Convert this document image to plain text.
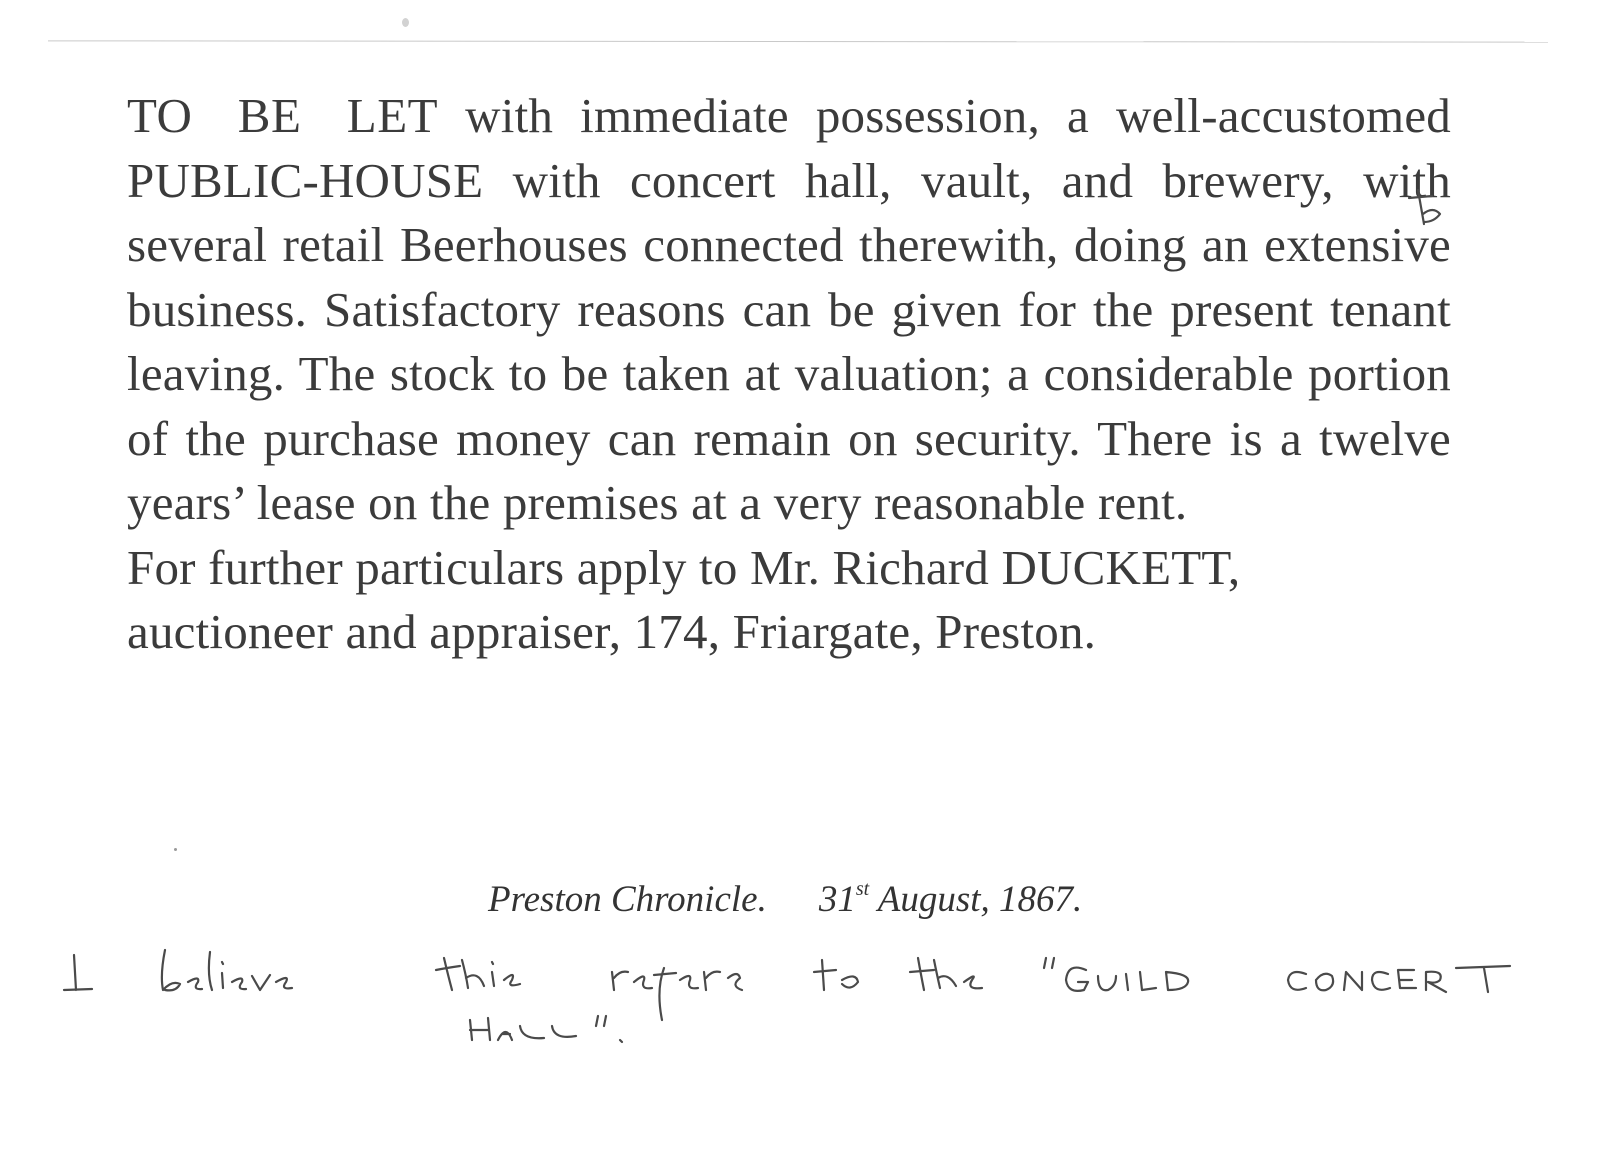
TO BE LET with immediate possession, a well-accustomed PUBLIC-HOUSE with concert hall, vault, and brewery, with several retail Beerhouses connected therewith, doing an extensive business. Satisfactory reasons can be given for the present tenant leaving. The stock to be taken at valuation; a considerable portion of the purchase money can remain on security. There is a twelve years’ lease on the premises at a very reasonable rent.

For further particulars apply to Mr. Richard DUCKETT, auctioneer and appraiser, 174, Friargate, Preston.

Preston Chronicle. 31st August, 1867.
